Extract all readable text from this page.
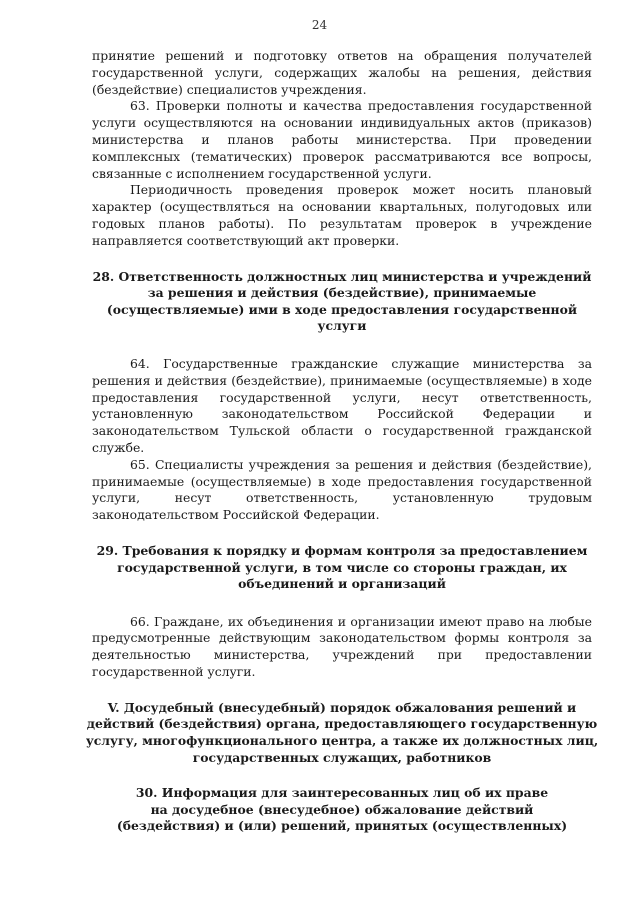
24

принятие решений и подготовку ответов на обращения получателей государственной услуги, содержащих жалобы на решения, действия (бездействие) специалистов учреждения.

63. Проверки полноты и качества предоставления государственной услуги осуществляются на основании индивидуальных актов (приказов) министерства и планов работы министерства. При проведении комплексных (тематических) проверок рассматриваются все вопросы, связанные с исполнением государственной услуги.

Периодичность проведения проверок может носить плановый характер (осуществляться на основании квартальных, полугодовых или годовых планов работы). По результатам проверок в учреждение направляется соответствующий акт проверки.

28. Ответственность должностных лиц министерства и учреждений за решения и действия (бездействие), принимаемые (осуществляемые) ими в ходе предоставления государственной услуги

64. Государственные гражданские служащие министерства за решения и действия (бездействие), принимаемые (осуществляемые) в ходе предоставления государственной услуги, несут ответственность, установленную законодательством Российской Федерации и законодательством Тульской области о государственной гражданской службе.

65. Специалисты учреждения за решения и действия (бездействие), принимаемые (осуществляемые) в ходе предоставления государственной услуги, несут ответственность, установленную трудовым законодательством Российской Федерации.

29. Требования к порядку и формам контроля за предоставлением государственной услуги, в том числе со стороны граждан, их объединений и организаций

66. Граждане, их объединения и организации имеют право на любые предусмотренные действующим законодательством формы контроля за деятельностью министерства, учреждений при предоставлении государственной услуги.

V. Досудебный (внесудебный) порядок обжалования решений и действий (бездействия) органа, предоставляющего государственную услугу, многофункционального центра, а также их должностных лиц, государственных служащих, работников

30. Информация для заинтересованных лиц об их праве
на досудебное (внесудебное) обжалование действий
(бездействия) и (или) решений, принятых (осуществленных)
